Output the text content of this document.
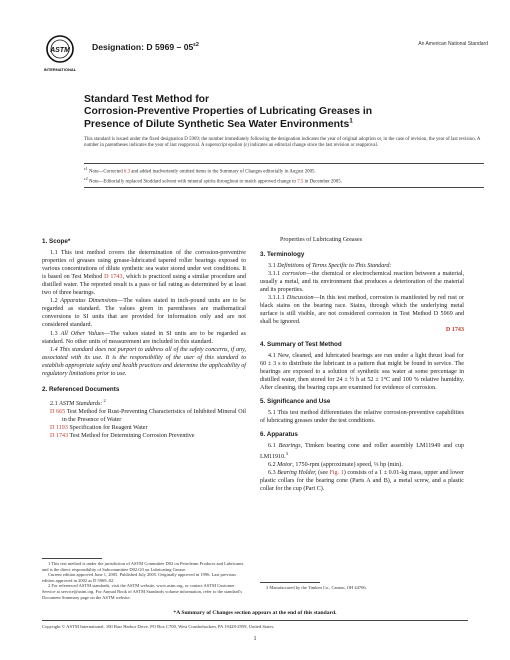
ASTM
INTERNATIONAL
Designation: D $5969 - 05^{\varepsilon 2}$	An American National Standard
Standard Test Method for
Corrosion-Preventive Properties of Lubricating Greases in
Presence of Dilute Synthetic Sea Water Environments$^1$
This standard is issued under the fixed designation D 5969; the number immediately following the designation indicates the year of original adoption or, in the case of revision, the year of last revision. A number in parentheses indicates the year of last reapproval. A superscript epsilon (ε) indicates an editorial change since the last revision or reapproval.
$^{\varepsilon 1}$ Note—Corrected 6.3 and added inadvertently omitted items to the Summary of Changes editorially in August 2005.
$^{\varepsilon 2}$ Note—Editorially replaced Stoddard solvent with mineral spirits throughout to match approved change to 7.5 in December 2005.
1. Scope*

1.1 This test method covers the determination of the corrosion-preventive properties of greases using grease-lubricated tapered roller bearings exposed to various concentrations of dilute synthetic sea water stored under wet conditions. It is based on Test Method D 1743, which is practiced using a similar procedure and distilled water. The reported result is a pass or fail rating as determined by at least two of three bearings.

1.2 Apparatus Dimensions—The values stated in inch-pound units are to be regarded as standard. The values given in parentheses are mathematical conversions to SI units that are provided for information only and are not considered standard.

1.3 All Other Values—The values stated in SI units are to be regarded as standard. No other units of measurement are included in this standard.

1.4 This standard does not purport to address all of the safety concerns, if any, associated with its use. It is the responsibility of the user of this standard to establish appropriate safety and health practices and determine the applicability of regulatory limitations prior to use.

2. Referenced Documents

2.1 ASTM Standards: $^2$

D 665 Test Method for Rust-Preventing Characteristics of Inhibited Mineral Oil in the Presence of Water

D 1193 Specification for Reagent Water

D 1743 Test Method for Determining Corrosion Preventive

1 This test method is under the jurisdiction of ASTM Committee D02 on Petroleum Products and Lubricants and is the direct responsibility of Subcommittee D02.G0 on Lubricating Grease.

Current edition approved June 1, 2005. Published July 2005. Originally approved in 1996. Last previous edition approved in 2002 as D 5969–02.

2 For referenced ASTM standards, visit the ASTM website, www.astm.org, or contact ASTM Customer Service at service@astm.org. For Annual Book of ASTM Standards volume information, refer to the standard's Document Summary page on the ASTM website.

Properties of Lubricating Greases

3. Terminology

3.1 Definitions of Terms Specific to This Standard:

3.1.1 corrosion—the chemical or electrochemical reaction between a material, usually a metal, and its environment that produces a deterioration of the material and its properties.

3.1.1.1 Discussion—In this test method, corrosion is manifested by red rust or black stains on the bearing race. Stains, through which the underlying metal surface is still visible, are not considered corrosion in Test Method D 5969 and shall be ignored.

D 1743

4. Summary of Test Method

4.1 New, cleaned, and lubricated bearings are run under a light thrust load for 60 ± 3 s to distribute the lubricant in a pattern that might be found in service. The bearings are exposed to a solution of synthetic sea water at some percentage in distilled water, then stored for 24 ± ½ h at 52 ± 1°C and 100 % relative humidity. After cleaning, the bearing cups are examined for evidence of corrosion.

5. Significance and Use

5.1 This test method differentiates the relative corrosion-preventive capabilities of lubricating greases under the test conditions.

6. Apparatus

6.1 Bearings, Timken bearing cone and roller assembly LM11949 and cup LM11910.$^3$

6.2 Motor, 1750-rpm (approximate) speed, ⅓ hp (min).

6.3 Bearing Holder, (see Fig. 1) consists of a 1 ± 0.01-kg mass, upper and lower plastic collars for the bearing cone (Parts A and B), a metal screw, and a plastic collar for the cup (Part C).

3 Manufactured by the Timken Co., Canton, OH 44706.

*A Summary of Changes section appears at the end of this standard.
Copyright © ASTM International, 100 Barr Harbor Drive, PO Box C700, West Conshohocken, PA 19428-2959, United States.
1
